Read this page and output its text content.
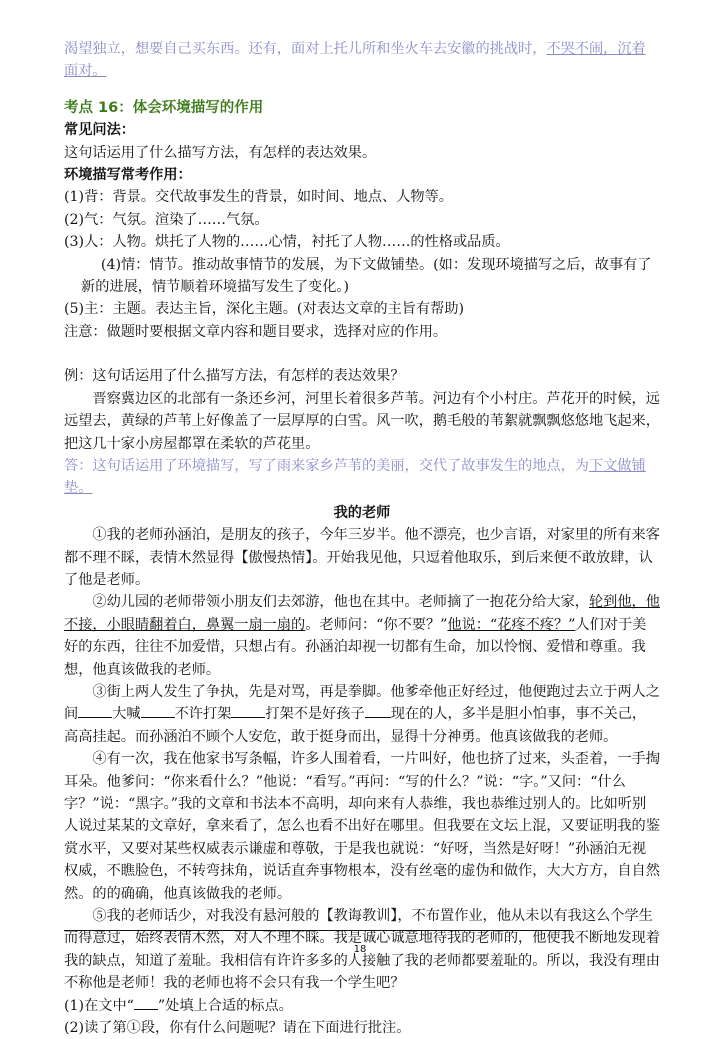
渴望独立，想要自己买东西。还有，面对上托儿所和坐火车去安徽的挑战时，不哭不闹，沉着
面对。

考点 16：体会环境描写的作用

常见问法：

这句话运用了什么描写方法，有怎样的表达效果。

环境描写常考作用：

(1)背：背景。交代故事发生的背景，如时间、地点、人物等。

(2)气：气氛。渲染了……气氛。

(3)人：人物。烘托了人物的……心情，衬托了人物……的性格或品质。

(4)情：情节。推动故事情节的发展，为下文做铺垫。(如：发现环境描写之后，故事有了新的进展，情节顺着环境描写发生了变化。)

(5)主：主题。表达主旨，深化主题。(对表达文章的主旨有帮助)

注意：做题时要根据文章内容和题目要求，选择对应的作用。

例：这句话运用了什么描写方法，有怎样的表达效果？

晋察冀边区的北部有一条还乡河，河里长着很多芦苇。河边有个小村庄。芦花开的时候，远远望去，黄绿的芦苇上好像盖了一层厚厚的白雪。风一吹，鹅毛般的苇絮就飘飘悠悠地飞起来，把这几十家小房屋都罩在柔软的芦花里。

答：这句话运用了环境描写，写了雨来家乡芦苇的美丽，交代了故事发生的地点，为下文做铺垫。

我的老师

①我的老师孙涵泊，是朋友的孩子，今年三岁半。他不漂亮，也少言语，对家里的所有来客都不理不睬，表情木然显得【傲慢热情】。开始我见他，只逗着他取乐，到后来便不敢放肆，认了他是老师。

②幼儿园的老师带领小朋友们去郊游，他也在其中。老师摘了一抱花分给大家，轮到他，他不接，小眼睛翻着白，鼻翼一扇一扇的。老师问：“你不要？”他说：“花疼不疼？”人们对于美好的东西，往往不加爱惜，只想占有。孙涵泊却视一切都有生命，加以怜悯、爱惜和尊重。我想，他真该做我的老师。

③街上两人发生了争执，先是对骂，再是拳脚。他爹牵他正好经过，他便跑过去立于两人之间 大喊 不许打架 打架不是好孩子 现在的人，多半是胆小怕事，事不关己，高高挂起。而孙涵泊不顾个人安危，敢于挺身而出，显得十分神勇。他真该做我的老师。

④有一次，我在他家书写条幅，许多人围着看，一片叫好，他也挤了过来，头歪着，一手掏耳朵。他爹问：“你来看什么？”他说：“看写。”再问：“写的什么？”说：“字。”又问：“什么字？”说：“黑字。”我的文章和书法本不高明，却向来有人恭维，我也恭维过别人的。比如听别人说过某某的文章好，拿来看了，怎么也看不出好在哪里。但我要在文坛上混，又要证明我的鉴赏水平，又要对某些权威表示谦虚和尊敬，于是我也就说：“好呀，当然是好呀！”孙涵泊无视权威，不瞧脸色，不转弯抹角，说话直奔事物根本，没有丝毫的虚伪和做作，大大方方，自自然然。的的确确，他真该做我的老师。

⑤我的老师话少，对我没有悬河般的【教诲教训】，不布置作业，他从未以有我这么个学生而得意过，始终表情木然，对人不理不睬。我是诚心诚意地待我的老师的，他使我不断地发现着我的缺点，知道了羞耻。我相信有许许多多的人接触了我的老师都要羞耻的。所以，我没有理由不称他是老师！我的老师也将不会只有我一个学生吧？

(1)在文中“ ”处填上合适的标点。

(2)读了第①段，你有什么问题呢？请在下面进行批注。

18
